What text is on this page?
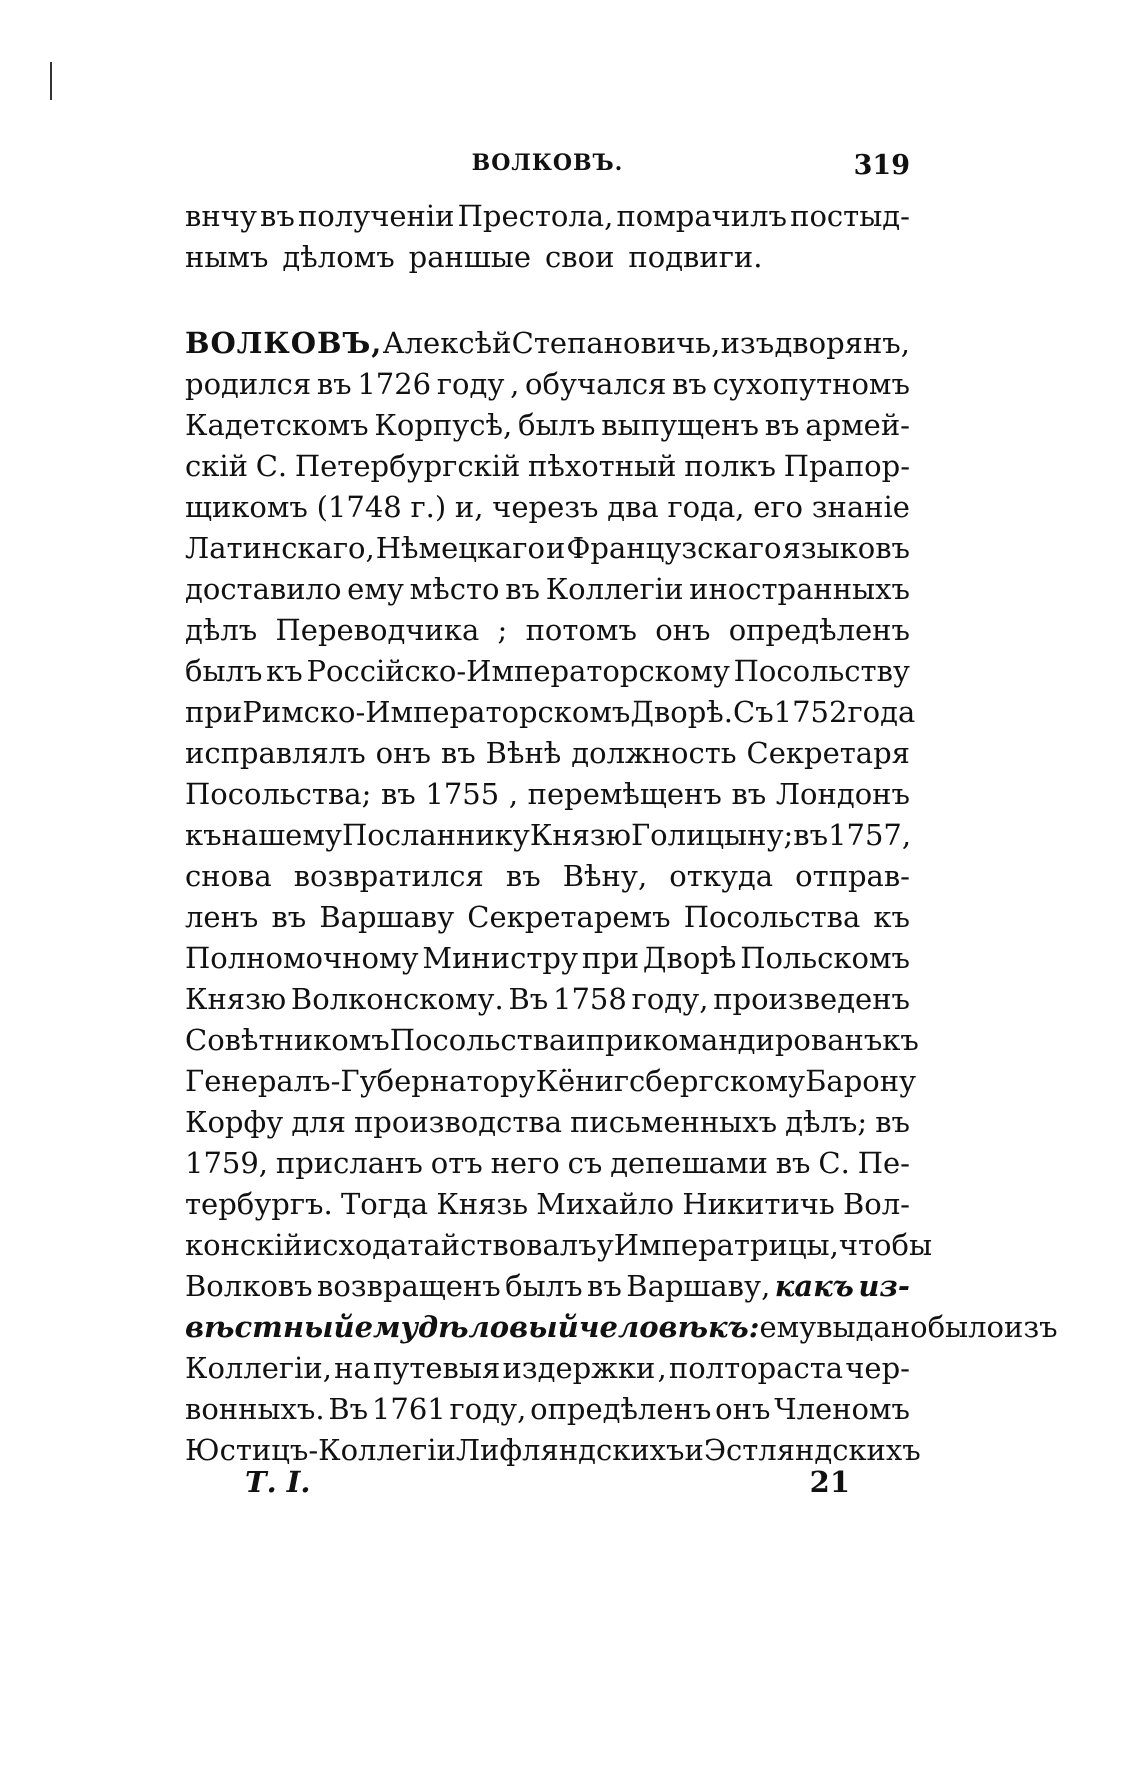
ВОЛКОВЪ.	319
внчу въ полученіи Престола, помрачилъ постыд-
нымъ дѣломъ раншые свои подвиги.
ВОЛКОВЪ, Алексѣй Степановичь, изъ дворянъ,
родился въ 1726 году , обучался въ сухопутномъ
Кадетскомъ Корпусѣ, былъ выпущенъ въ армей-
скій С. Петербургскій пѣхотный полкъ Прапор-
щикомъ (1748 г.) и, черезъ два года, его знаніе
Латинскаго, Нѣмецкаго и Французскаго языковъ
доставило ему мѣсто въ Коллегіи иностранныхъ
дѣлъ Переводчика ; потомъ онъ опредѣленъ
былъ къ Россійско-Императорскому Посольству
при Римско-Императорскомъ Дворѣ. Съ 1752 года
исправлялъ онъ въ Вѣнѣ должность Секретаря
Посольства; въ 1755 , перемѣщенъ въ Лондонъ
къ нашему Посланнику Князю Голицыну; въ 1757,
снова возвратился въ Вѣну, откуда отправ-
ленъ въ Варшаву Секретаремъ Посольства къ
Полномочному Министру при Дворѣ Польскомъ
Князю Волконскому. Въ 1758 году, произведенъ
Совѣтникомъ Посольства и прикомандированъ къ
Генералъ-Губернатору Кёнигсбергскому Барону
Корфу для производства письменныхъ дѣлъ; въ
1759, присланъ отъ него съ депешами въ С. Пе-
тербургъ. Тогда Князь Михайло Никитичь Вол-
конскій исходатайствовалъ у Императрицы, чтобы
Волковъ возвращенъ былъ въ Варшаву, какъ из-
вѣстный ему дѣловый человѣкъ: ему выдано было изъ
Коллегіи, на путевыя издержки , полтораста чер-
вонныхъ. Въ 1761 году, опредѣленъ онъ Членомъ
Юстицъ-Коллегіи Лифляндскихъ и Эстляндскихъ
Т. I.	21
